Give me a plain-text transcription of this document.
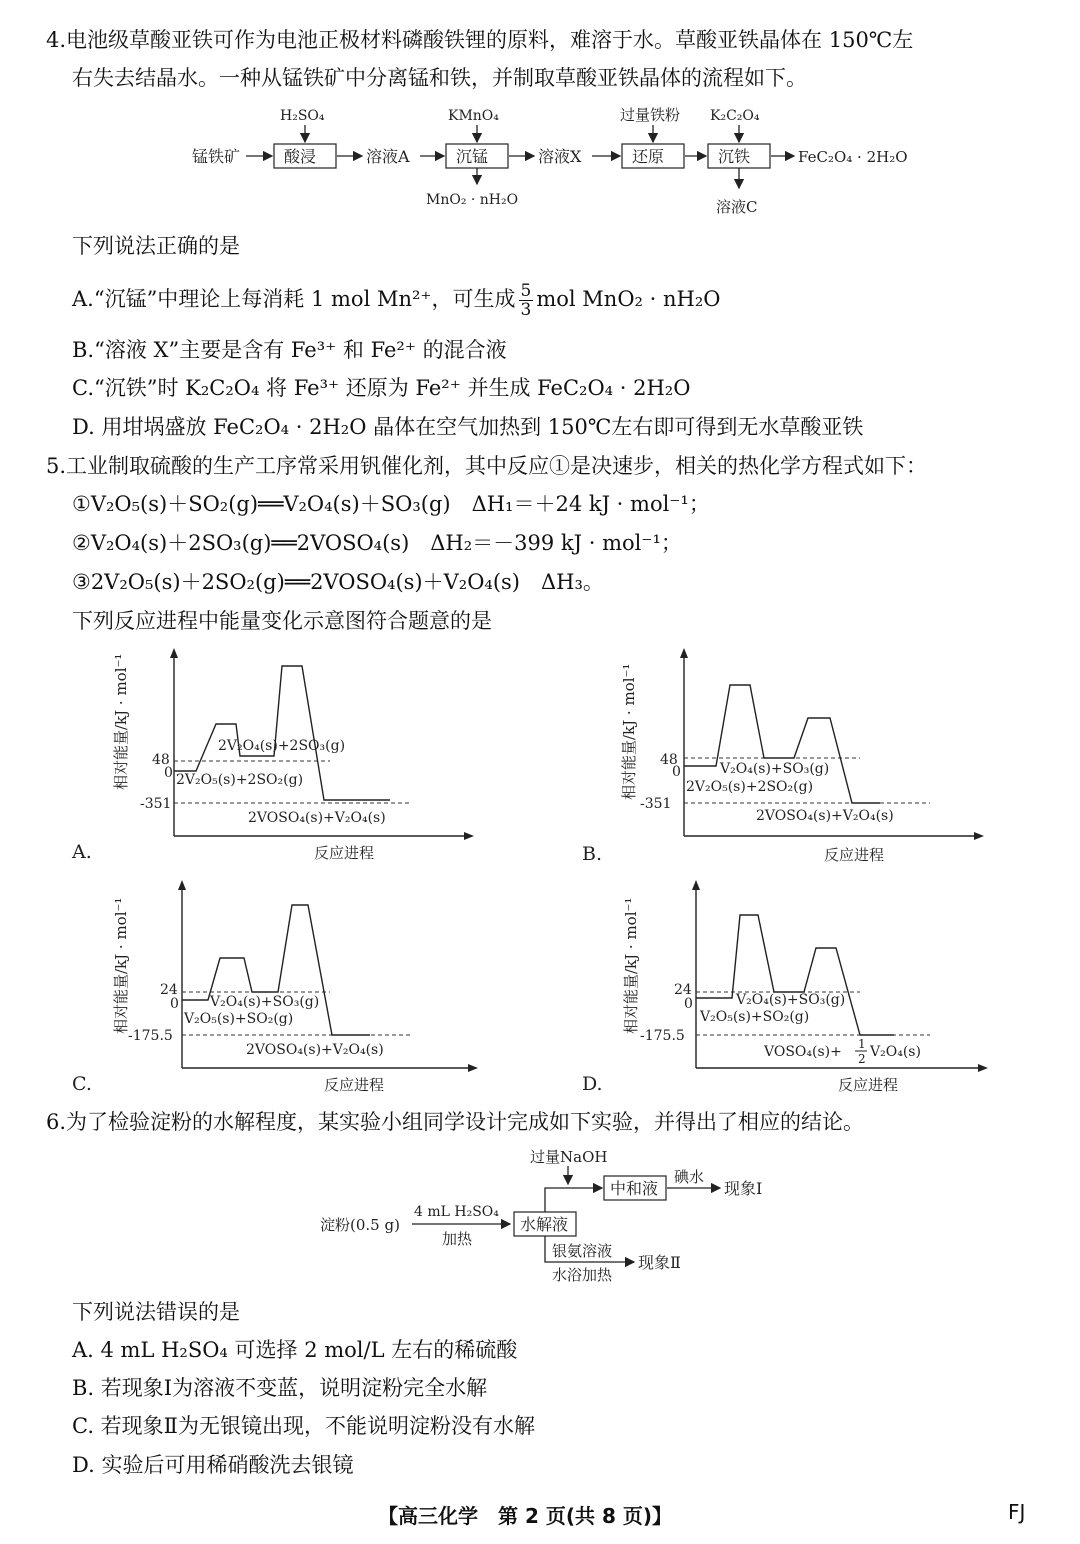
4.电池级草酸亚铁可作为电池正极材料磷酸铁锂的原料，难溶于水。草酸亚铁晶体在 150℃左
右失去结晶水。一种从锰铁矿中分离锰和铁，并制取草酸亚铁晶体的流程如下。
锰铁矿	酸浸
H₂SO₄
溶液A	沉锰
KMnO₄
MnO₂ · nH₂O
溶液X	还原
过量铁粉
沉铁
K₂C₂O₄
溶液C
FeC₂O₄ · 2H₂O
下列说法正确的是
A.“沉锰”中理论上每消耗 1 mol Mn²⁺，可生成 $\frac{5}{3}$ mol MnO₂ · nH₂O
B.“溶液 X”主要是含有 Fe³⁺ 和 Fe²⁺ 的混合液
C.“沉铁”时 K₂C₂O₄ 将 Fe³⁺ 还原为 Fe²⁺ 并生成 FeC₂O₄ · 2H₂O
D. 用坩埚盛放 FeC₂O₄ · 2H₂O 晶体在空气加热到 150℃左右即可得到无水草酸亚铁
5.工业制取硫酸的生产工序常采用钒催化剂，其中反应①是决速步，相关的热化学方程式如下：
①V₂O₅(s)＋SO₂(g)══V₂O₄(s)＋SO₃(g)　ΔH₁＝＋24 kJ · mol⁻¹；
②V₂O₄(s)＋2SO₃(g)══2VOSO₄(s)　ΔH₂＝－399 kJ · mol⁻¹；
③2V₂O₅(s)＋2SO₂(g)══2VOSO₄(s)＋V₂O₄(s)　ΔH₃。
下列反应进程中能量变化示意图符合题意的是
相对能量/kJ · mol⁻¹ 48
0
-351
2V₂O₄(s)+2SO₃(g)
2V₂O₅(s)+2SO₂(g)
2VOSO₄(s)+V₂O₄(s)
反应进程
A.
相对能量/kJ · mol⁻¹ 48
0
-351
V₂O₄(s)+SO₃(g)
2V₂O₅(s)+2SO₂(g)
2VOSO₄(s)+V₂O₄(s)
反应进程
B.
相对能量/kJ · mol⁻¹ 24
0
-175.5
V₂O₄(s)+SO₃(g)
V₂O₅(s)+SO₂(g)
2VOSO₄(s)+V₂O₄(s)
反应进程
C.
相对能量/kJ · mol⁻¹ 24
0
-175.5
V₂O₄(s)+SO₃(g)
V₂O₅(s)+SO₂(g)
VOSO₄(s)+ 1
2 V₂O₄(s)
反应进程
D.
6.为了检验淀粉的水解程度，某实验小组同学设计完成如下实验，并得出了相应的结论。
淀粉(0.5 g)
4 mL H₂SO₄
加热
水解液
过量NaOH
中和液
碘水
现象Ⅰ
银氨溶液
水浴加热
现象Ⅱ
下列说法错误的是
A. 4 mL H₂SO₄ 可选择 2 mol/L 左右的稀硫酸
B. 若现象Ⅰ为溶液不变蓝，说明淀粉完全水解
C. 若现象Ⅱ为无银镜出现，不能说明淀粉没有水解
D. 实验后可用稀硝酸洗去银镜
【高三化学　第 2 页(共 8 页)】	FJ
